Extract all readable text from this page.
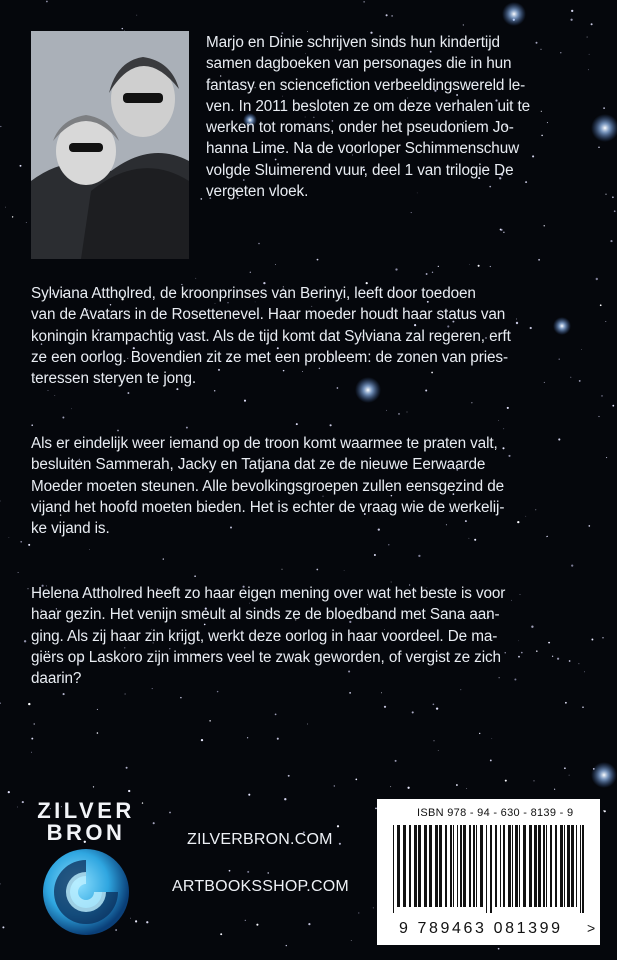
Marjo en Dinie schrijven sinds hun kindertijd
samen dagboeken van personages die in hun
fantasy en sciencefiction verbeeldingswereld le-
ven. In 2011 besloten ze om deze verhalen uit te
werken tot romans, onder het pseudoniem Jo-
hanna Lime. Na de voorloper Schimmenschuw
volgde Sluimerend vuur, deel 1 van trilogie De
vergeten vloek.

Sylviana Attholred, de kroonprinses van Berinyi, leeft door toedoen
van de Avatars in de Rosettenevel. Haar moeder houdt haar status van
koningin krampachtig vast. Als de tijd komt dat Sylviana zal regeren, erft
ze een oorlog. Bovendien zit ze met een probleem: de zonen van pries-
teressen steryen te jong.

Als er eindelijk weer iemand op de troon komt waarmee te praten valt,
besluiten Sammerah, Jacky en Tatjana dat ze de nieuwe Eerwaarde
Moeder moeten steunen. Alle bevolkingsgroepen zullen eensgezind de
vijand het hoofd moeten bieden. Het is echter de vraag wie de werkelij-
ke vijand is.

Helena Attholred heeft zo haar eigen mening over wat het beste is voor
haar gezin. Het venijn smeult al sinds ze de bloedband met Sana aan-
ging. Als zij haar zin krijgt, werkt deze oorlog in haar voordeel. De ma-
giërs op Laskoro zijn immers veel te zwak geworden, of vergist ze zich
daarin?

ZILVER
BRON	ZILVERBRON.COM
ARTBOOKSSHOP.COM
ISBN 978 - 94 - 630 - 8139 - 9
9 789463 081399 >
